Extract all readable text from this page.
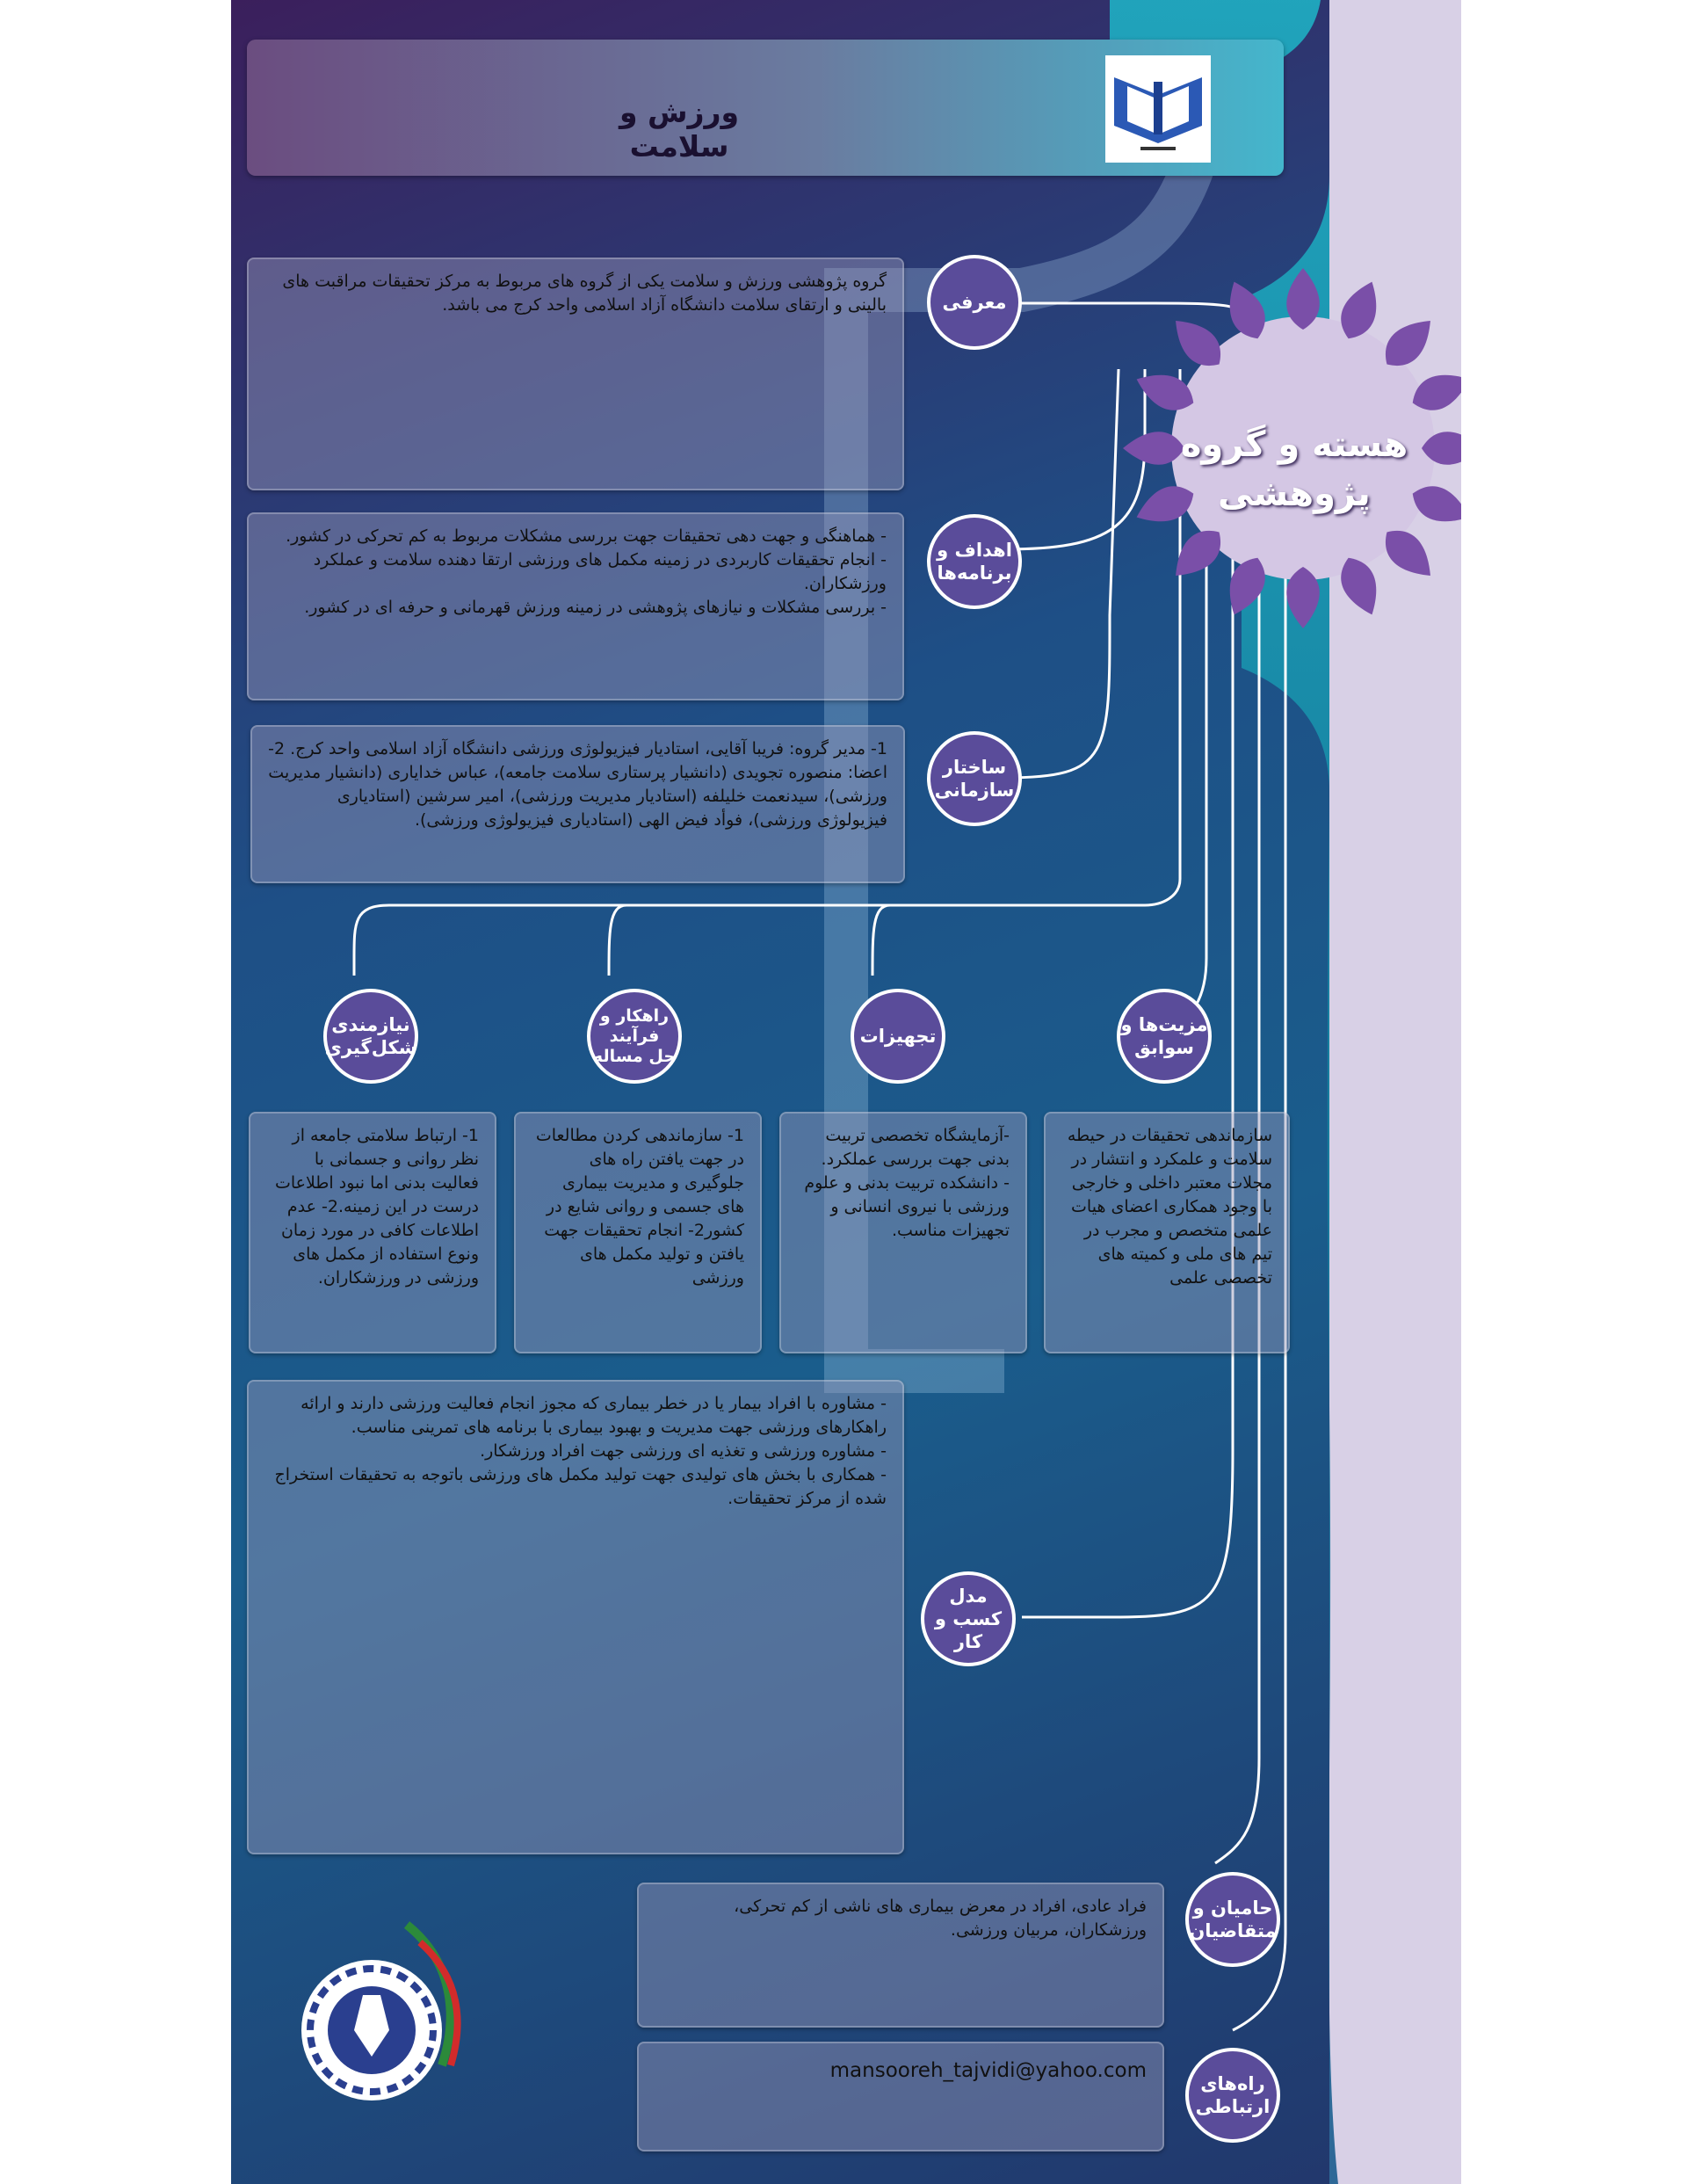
ورزش و سلامت
هسته و گروه
پژوهشی
گروه پژوهشی ورزش و سلامت یکی از گروه های مربوط به مرکز تحقیقات مراقبت های بالینی و ارتقای سلامت دانشگاه آزاد اسلامی واحد کرج می باشد.	معرفی
- هماهنگی و جهت دهی تحقیقات جهت بررسی مشکلات مربوط به کم تحرکی در کشور.
- انجام تحقیقات کاربردی در زمینه مکمل های ورزشی ارتقا دهنده سلامت و عملکرد ورزشکاران.
- بررسی مشکلات و نیازهای پژوهشی در زمینه ورزش قهرمانی و حرفه ای در کشور.
اهداف و
برنامه‌ها
1- مدیر گروه: فریبا آقایی، استادیار فیزیولوژی ورزشی دانشگاه آزاد اسلامی واحد کرج. 2- اعضا: منصوره تجویدی (دانشیار پرستاری سلامت جامعه)، عباس خدایاری (دانشیار مدیریت ورزشی)، سیدنعمت خلیلفه (استادیار مدیریت ورزشی)، امیر سرشین (استادیاری فیزیولوژی ورزشی)، فوأد فیض الهی (استادیاری فیزیولوژی ورزشی).
ساختار
سازمانی
مزیت‌ها و
سوابق
تجهیزات
راهکار و
فرآیند
حل مساله
نیازمندی
شکل‌گیری
سازماندهی تحقیقات در حیطه سلامت و علمکرد و انتشار در مجلات معتبر داخلی و خارجی با وجود همکاری اعضای هیات علمی متخصص و مجرب در تیم های ملی و کمیته های تخصصی علمی
-آزمایشگاه تخصصی تربیت بدنی جهت بررسی عملکرد.
- دانشکده تربیت بدنی و علوم ورزشی با نیروی انسانی و تجهیزات مناسب.
1- سازماندهی کردن مطالعات در جهت یافتن راه های جلوگیری و مدیریت بیماری های جسمی و روانی شایع در کشور2- انجام تحقیقات جهت یافتن و تولید مکمل های ورزشی
1- ارتباط سلامتی جامعه از نظر روانی و جسمانی با فعالیت بدنی اما نبود اطلاعات درست در این زمینه.2- عدم اطلاعات کافی در مورد زمان ونوع استفاده از مکمل های ورزشی در ورزشکاران.
- مشاوره با افراد بیمار یا در خطر بیماری که مجوز انجام فعالیت ورزشی دارند و ارائه راهکارهای ورزشی جهت مدیریت و بهبود بیماری با برنامه های تمرینی مناسب.
- مشاوره ورزشی و تغذیه ای ورزشی جهت افراد ورزشکار.
- همکاری با بخش های تولیدی جهت تولید مکمل های ورزشی باتوجه به تحقیقات استخراج شده از مرکز تحقیقات.
مدل
کسب و کار
فراد عادی، افراد در معرض بیماری های ناشی از کم تحرکی، ورزشکاران، مربیان ورزشی.
حامیان و
متقاضیان
mansooreh_tajvidi@yahoo.com
راه‌های
ارتباطی
